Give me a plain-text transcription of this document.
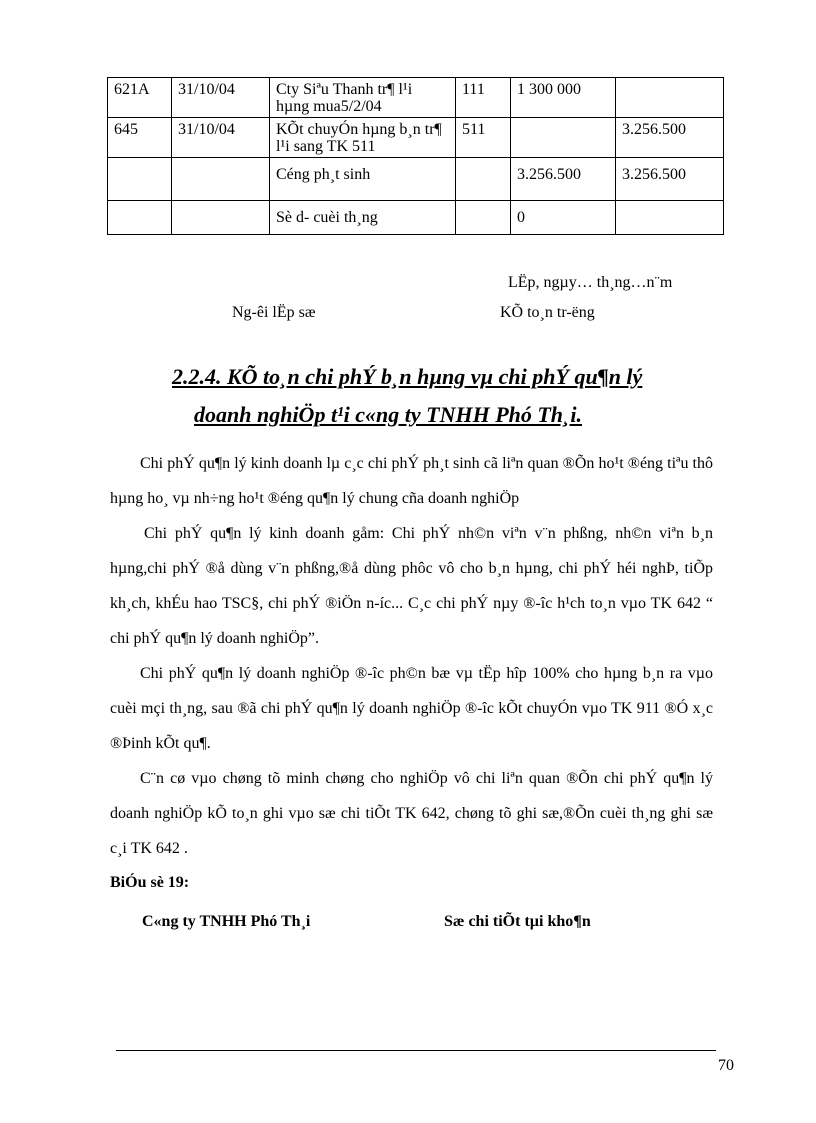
621A	31/10/04	Cty Siªu Thanh tr¶ l¹i hµng mua5/2/04	111	1 300 000	
645	31/10/04	KÕt chuyÓn hµng b¸n tr¶ l¹i sang TK 511	511		3.256.500
		Céng ph¸t sinh		3.256.500	3.256.500
		Sè d- cuèi th¸ng		0	
LËp, ngµy… th¸ng…n¨m
Ng-êi lËp sæ	KÕ to¸n tr-ëng
2.2.4. KÕ to¸n chi phÝ b¸n hµng vµ chi phÝ qu¶n lý
doanh nghiÖp t¹i c«ng ty TNHH Phó Th¸i.

Chi phÝ qu¶n lý kinh doanh lµ c¸c chi phÝ ph¸t sinh cã liªn quan ®Õn ho¹t ®éng tiªu thô hµng ho¸ vµ nh÷ng ho¹t ®éng qu¶n lý chung cña doanh nghiÖp

Chi phÝ qu¶n lý kinh doanh gåm: Chi phÝ nh©n viªn v¨n phßng, nh©n viªn b¸n hµng,chi phÝ ®å dùng v¨n phßng,®å dùng phôc vô cho b¸n hµng, chi phÝ héi nghÞ, tiÕp kh¸ch, khÉu hao TSC§, chi phÝ ®iÖn n-íc... C¸c chi phÝ nµy ®-îc h¹ch to¸n vµo TK 642 “ chi phÝ qu¶n lý doanh nghiÖp”.

Chi phÝ qu¶n lý doanh nghiÖp ®-îc ph©n bæ vµ tËp hîp 100% cho hµng b¸n ra vµo cuèi mçi th¸ng, sau ®ã chi phÝ qu¶n lý doanh nghiÖp ®-îc kÕt chuyÓn vµo TK 911 ®Ó x¸c ®Þinh kÕt qu¶.

C¨n cø vµo chøng tõ minh chøng cho nghiÖp vô chi liªn quan ®Õn chi phÝ qu¶n lý doanh nghiÖp kÕ to¸n ghi vµo sæ chi tiÕt TK 642, chøng tõ ghi sæ,®Õn cuèi th¸ng ghi sæ c¸i TK 642 .

BiÓu sè 19:
C«ng ty TNHH Phó Th¸i	Sæ chi tiÕt tµi kho¶n
70
